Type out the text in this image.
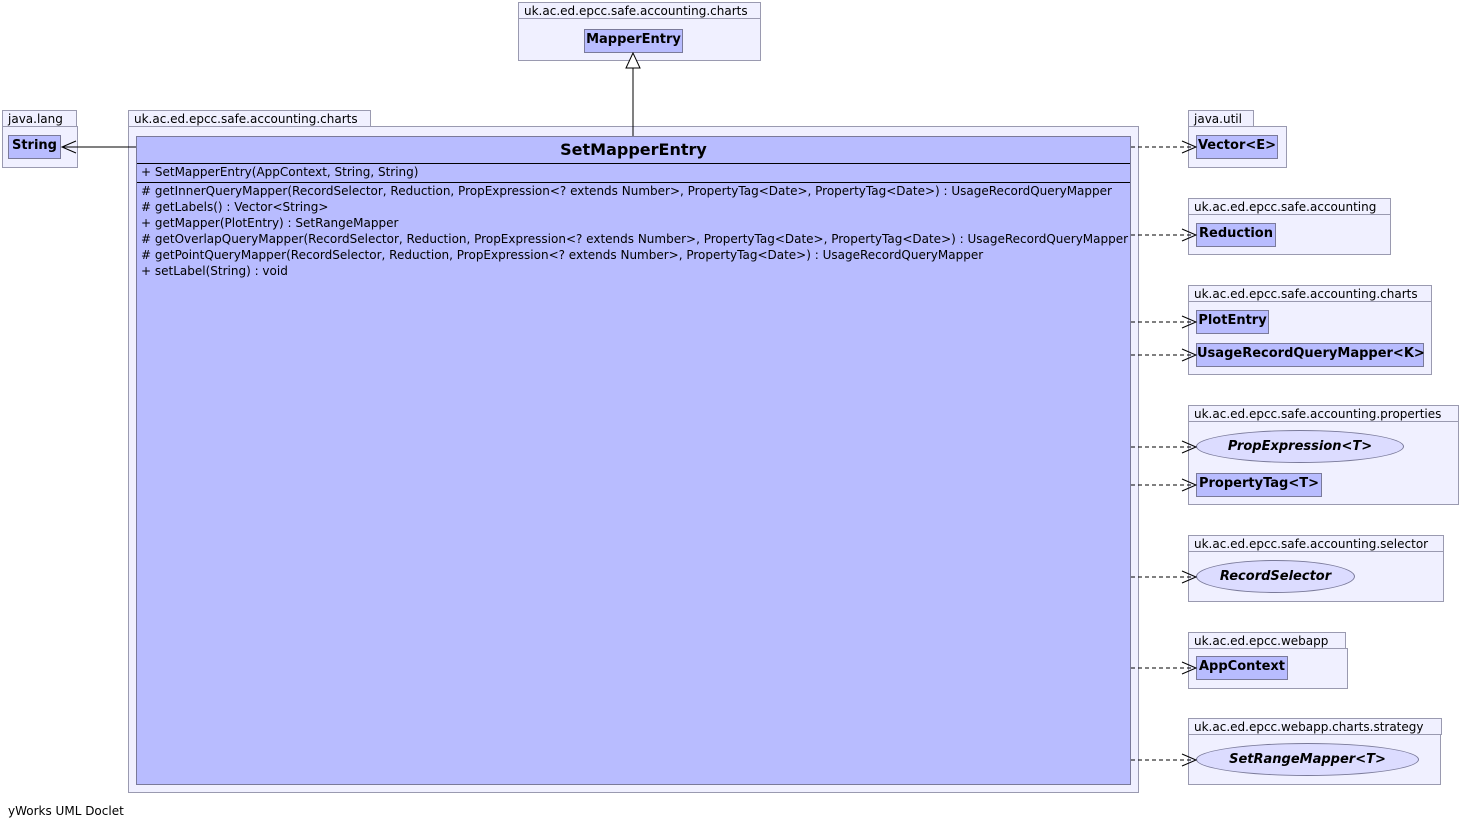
uk.ac.ed.epcc.safe.accounting.charts
MapperEntry
java.lang
String
uk.ac.ed.epcc.safe.accounting.charts
SetMapperEntry
+ SetMapperEntry(AppContext, String, String)
# getInnerQueryMapper(RecordSelector, Reduction, PropExpression<? extends Number>, PropertyTag<Date>, PropertyTag<Date>) : UsageRecordQueryMapper
# getLabels() : Vector<String>
+ getMapper(PlotEntry) : SetRangeMapper
# getOverlapQueryMapper(RecordSelector, Reduction, PropExpression<? extends Number>, PropertyTag<Date>, PropertyTag<Date>) : UsageRecordQueryMapper
# getPointQueryMapper(RecordSelector, Reduction, PropExpression<? extends Number>, PropertyTag<Date>) : UsageRecordQueryMapper
+ setLabel(String) : void
java.util
Vector<E>
uk.ac.ed.epcc.safe.accounting
Reduction
uk.ac.ed.epcc.safe.accounting.charts
PlotEntry
UsageRecordQueryMapper<K>
uk.ac.ed.epcc.safe.accounting.properties
PropExpression<T>
PropertyTag<T>
uk.ac.ed.epcc.safe.accounting.selector
RecordSelector
uk.ac.ed.epcc.webapp
AppContext
uk.ac.ed.epcc.webapp.charts.strategy
SetRangeMapper<T>
yWorks UML Doclet
